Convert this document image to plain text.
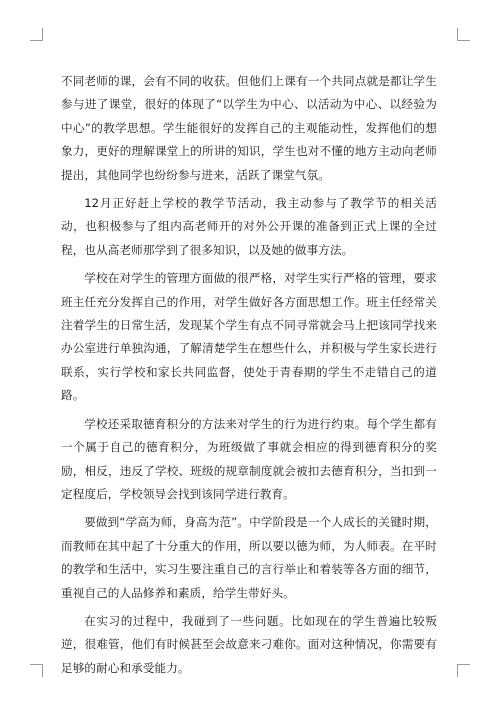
不同老师的课，会有不同的收获。但他们上课有一个共同点就是都让学生参与进了课堂，很好的体现了“以学生为中心、以活动为中心、以经验为中心”的教学思想。学生能很好的发挥自己的主观能动性，发挥他们的想象力，更好的理解课堂上的所讲的知识，学生也对不懂的地方主动向老师提出，其他同学也纷纷参与进来，活跃了课堂气氛。

12月正好赶上学校的教学节活动，我主动参与了教学节的相关活动，也积极参与了组内高老师开的对外公开课的准备到正式上课的全过程，也从高老师那学到了很多知识，以及她的做事方法。

学校在对学生的管理方面做的很严格，对学生实行严格的管理，要求班主任充分发挥自己的作用，对学生做好各方面思想工作。班主任经常关注着学生的日常生活，发现某个学生有点不同寻常就会马上把该同学找来办公室进行单独沟通，了解清楚学生在想些什么，并积极与学生家长进行联系，实行学校和家长共同监督，使处于青春期的学生不走错自己的道路。

学校还采取德育积分的方法来对学生的行为进行约束。每个学生都有一个属于自己的德育积分，为班级做了事就会相应的得到德育积分的奖励，相反，违反了学校、班级的规章制度就会被扣去德育积分，当扣到一定程度后，学校领导会找到该同学进行教育。

要做到“学高为师，身高为范”。中学阶段是一个人成长的关键时期，而教师在其中起了十分重大的作用，所以要以德为师，为人师表。在平时的教学和生活中，实习生要注重自己的言行举止和着装等各方面的细节，重视自己的人品修养和素质，给学生带好头。

在实习的过程中，我碰到了一些问题。比如现在的学生普遍比较叛逆，很难管，他们有时候甚至会故意来刁难你。面对这种情况，你需要有足够的耐心和承受能力。
